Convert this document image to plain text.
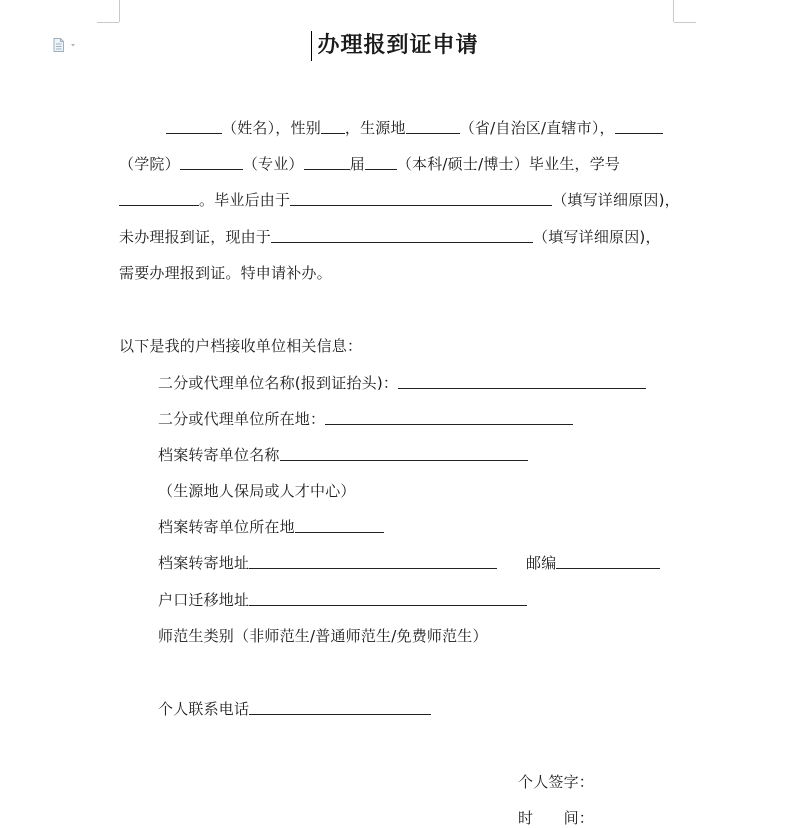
办理报到证申请
（姓名），性别 ，生源地	（省/自治区/直辖市），
（学院）	（专业）	届 （本科/硕士/博士）毕业生，学号
。毕业后由于	（填写详细原因)，
未办理报到证，现由于	（填写详细原因)，
需要办理报到证。特申请补办。
以下是我的户档接收单位相关信息：
二分或代理单位名称(报到证抬头)：
二分或代理单位所在地：
档案转寄单位名称
（生源地人保局或人才中心）
档案转寄单位所在地
档案转寄地址	邮编
户口迁移地址
师范生类别（非师范生/普通师范生/免费师范生）
个人联系电话
个人签字：
时　　间：
